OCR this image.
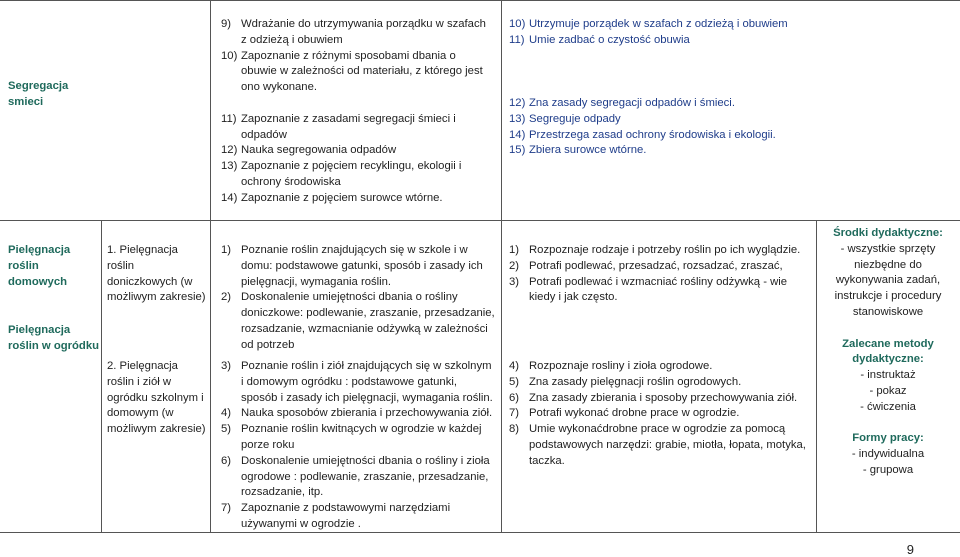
Segregacja

smieci

9) Wdrażanie do utrzymywania porządku w szafach z odzieżą i obuwiem
10) Zapoznanie z różnymi sposobami dbania o obuwie w zależności od materiału, z którego jest ono wykonane.
11) Zapoznanie z zasadami segregacji śmieci i odpadów
12) Nauka segregowania odpadów
13) Zapoznanie z pojęciem recyklingu, ekologii i ochrony środowiska
14) Zapoznanie z pojęciem surowce wtórne.
10) Utrzymuje porządek w szafach z odzieżą i obuwiem
11) Umie zadbać o czystość obuwia
12) Zna zasady segregacji odpadów i śmieci.
13) Segreguje odpady
14) Przestrzega zasad ochrony środowiska i ekologii.
15) Zbiera surowce wtórne.

Pielęgnacja

roślin

domowych

Pielęgnacja

roślin w ogródku

1. Pielęgnacja roślin doniczkowych (w możliwym zakresie)

2. Pielęgnacja roślin i ziół w ogródku szkolnym i domowym (w możliwym zakresie)

1) Poznanie roślin znajdujących się w szkole i w domu: podstawowe gatunki, sposób i zasady ich pielęgnacji, wymagania roślin.
2) Doskonalenie umiejętności dbania o rośliny doniczkowe: podlewanie, zraszanie, przesadzanie, rozsadzanie, wzmacnianie odżywką w zależności od potrzeb
3) Poznanie roślin i ziół znajdujących się w szkolnym i domowym ogródku : podstawowe gatunki, sposób i zasady ich pielęgnacji, wymagania roślin.
4) Nauka sposobów zbierania i przechowywania ziół.
5) Poznanie roślin kwitnących w ogrodzie w każdej porze roku
6) Doskonalenie umiejętności dbania o rośliny i zioła ogrodowe : podlewanie, zraszanie, przesadzanie, rozsadzanie, itp.
7) Zapoznanie z podstawowymi narzędziami używanymi w ogrodzie .
1) Rozpoznaje rodzaje i potrzeby roślin po ich wyglądzie.
2) Potrafi podlewać, przesadzać, rozsadzać, zraszać,
3) Potrafi podlewać i wzmacniać rośliny odżywką - wie kiedy i jak często.
4) Rozpoznaje rosliny i zioła ogrodowe.
5) Zna zasady pielęgnacji roślin ogrodowych.
6) Zna zasady zbierania i sposoby przechowywania ziół.
7) Potrafi wykonać drobne prace w ogrodzie.
8) Umie wykonaćdrobne prace w ogrodzie za pomocą podstawowych narzędzi: grabie, miotła, łopata, motyka, taczka.

Środki dydaktyczne:

- wszystkie sprzęty niezbędne do wykonywania zadań, instrukcje i procedury stanowiskowe

Zalecane metody dydaktyczne:

- instruktaż

- pokaz

- ćwiczenia

Formy pracy:

- indywidualna

- grupowa

9
